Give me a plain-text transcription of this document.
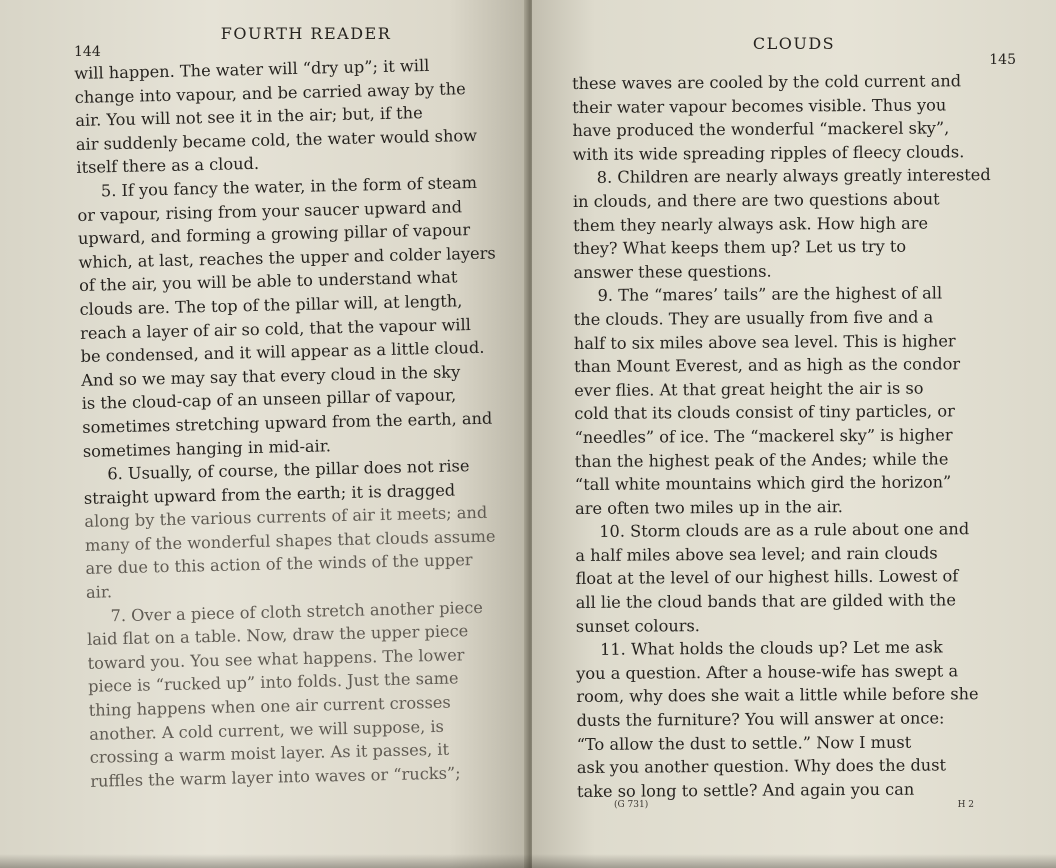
144
FOURTH READER

will happen. The water will “dry up”; it will

change into vapour, and be carried away by the

air. You will not see it in the air; but, if the

air suddenly became cold, the water would show

itself there as a cloud.

5. If you fancy the water, in the form of steam

or vapour, rising from your saucer upward and

upward, and forming a growing pillar of vapour

which, at last, reaches the upper and colder layers

of the air, you will be able to understand what

clouds are. The top of the pillar will, at length,

reach a layer of air so cold, that the vapour will

be condensed, and it will appear as a little cloud.

And so we may say that every cloud in the sky

is the cloud-cap of an unseen pillar of vapour,

sometimes stretching upward from the earth, and

sometimes hanging in mid-air.

6. Usually, of course, the pillar does not rise

straight upward from the earth; it is dragged

along by the various currents of air it meets; and

many of the wonderful shapes that clouds assume

are due to this action of the winds of the upper

air.

7. Over a piece of cloth stretch another piece

laid flat on a table. Now, draw the upper piece

toward you. You see what happens. The lower

piece is “rucked up” into folds. Just the same

thing happens when one air current crosses

another. A cold current, we will suppose, is

crossing a warm moist layer. As it passes, it

ruffles the warm layer into waves or “rucks”;

CLOUDS
145

these waves are cooled by the cold current and

their water vapour becomes visible. Thus you

have produced the wonderful “mackerel sky”,

with its wide spreading ripples of fleecy clouds.

8. Children are nearly always greatly interested

in clouds, and there are two questions about

them they nearly always ask. How high are

they? What keeps them up? Let us try to

answer these questions.

9. The “mares’ tails” are the highest of all

the clouds. They are usually from five and a

half to six miles above sea level. This is higher

than Mount Everest, and as high as the condor

ever flies. At that great height the air is so

cold that its clouds consist of tiny particles, or

“needles” of ice. The “mackerel sky” is higher

than the highest peak of the Andes; while the

“tall white mountains which gird the horizon”

are often two miles up in the air.

10. Storm clouds are as a rule about one and

a half miles above sea level; and rain clouds

float at the level of our highest hills. Lowest of

all lie the cloud bands that are gilded with the

sunset colours.

11. What holds the clouds up? Let me ask

you a question. After a house-wife has swept a

room, why does she wait a little while before she

dusts the furniture? You will answer at once:

“To allow the dust to settle.” Now I must

ask you another question. Why does the dust

take so long to settle? And again you can

(G 731)	H 2
